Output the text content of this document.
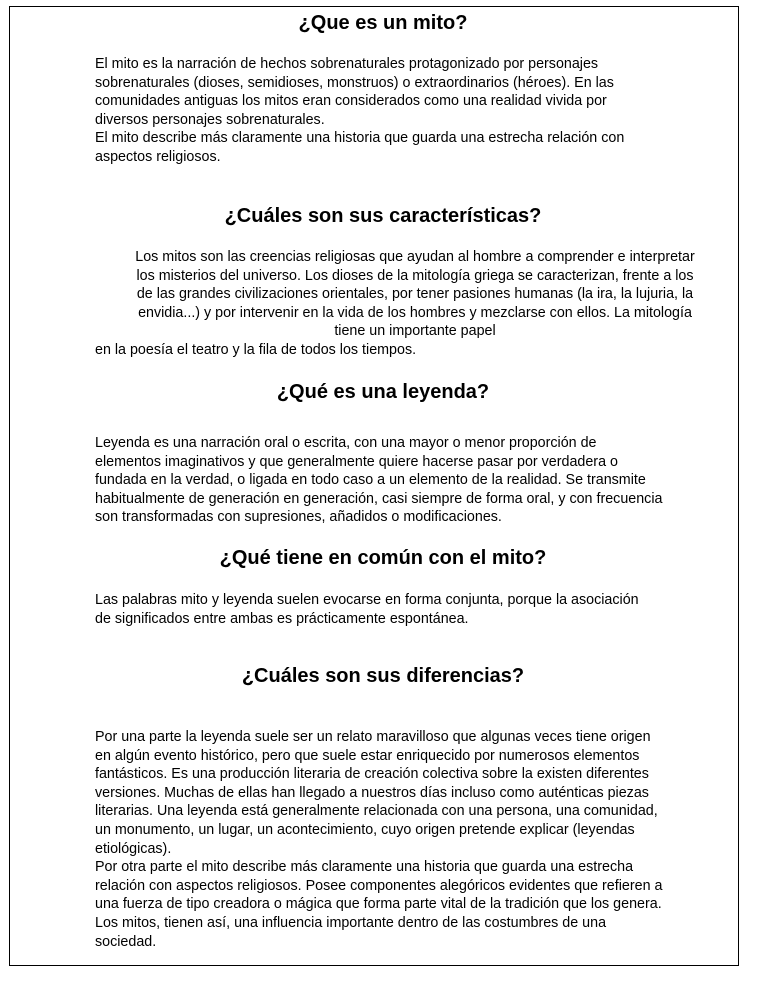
¿Que es un mito?

El mito es la narración de hechos sobrenaturales protagonizado por personajes
sobrenaturales (dioses, semidioses, monstruos) o extraordinarios (héroes). En las
comunidades antiguas los mitos eran considerados como una realidad vivida por
diversos personajes sobrenaturales.
El mito describe más claramente una historia que guarda una estrecha relación con
aspectos religiosos.

¿Cuáles son sus características?

Los mitos son las creencias religiosas que ayudan al hombre a comprender e interpretar
los misterios del universo. Los dioses de la mitología griega se caracterizan, frente a los
de las grandes civilizaciones orientales, por tener pasiones humanas (la ira, la lujuria, la
envidia...) y por intervenir en la vida de los hombres y mezclarse con ellos. La mitología
tiene un importante papel

en la poesía el teatro y la fila de todos los tiempos.

¿Qué es una leyenda?

Leyenda es una narración oral o escrita, con una mayor o menor proporción de
elementos imaginativos y que generalmente quiere hacerse pasar por verdadera o
fundada en la verdad, o ligada en todo caso a un elemento de la realidad. Se transmite
habitualmente de generación en generación, casi siempre de forma oral, y con frecuencia
son transformadas con supresiones, añadidos o modificaciones.

¿Qué tiene en común con el mito?

Las palabras mito y leyenda suelen evocarse en forma conjunta, porque la asociación
de significados entre ambas es prácticamente espontánea.

¿Cuáles son sus diferencias?

Por una parte la leyenda suele ser un relato maravilloso que algunas veces tiene origen
en algún evento histórico, pero que suele estar enriquecido por numerosos elementos
fantásticos. Es una producción literaria de creación colectiva sobre la existen diferentes
versiones. Muchas de ellas han llegado a nuestros días incluso como auténticas piezas
literarias. Una leyenda está generalmente relacionada con una persona, una comunidad,
un monumento, un lugar, un acontecimiento, cuyo origen pretende explicar (leyendas
etiológicas).
Por otra parte el mito describe más claramente una historia que guarda una estrecha
relación con aspectos religiosos. Posee componentes alegóricos evidentes que refieren a
una fuerza de tipo creadora o mágica que forma parte vital de la tradición que los genera.
Los mitos, tienen así, una influencia importante dentro de las costumbres de una
sociedad.
